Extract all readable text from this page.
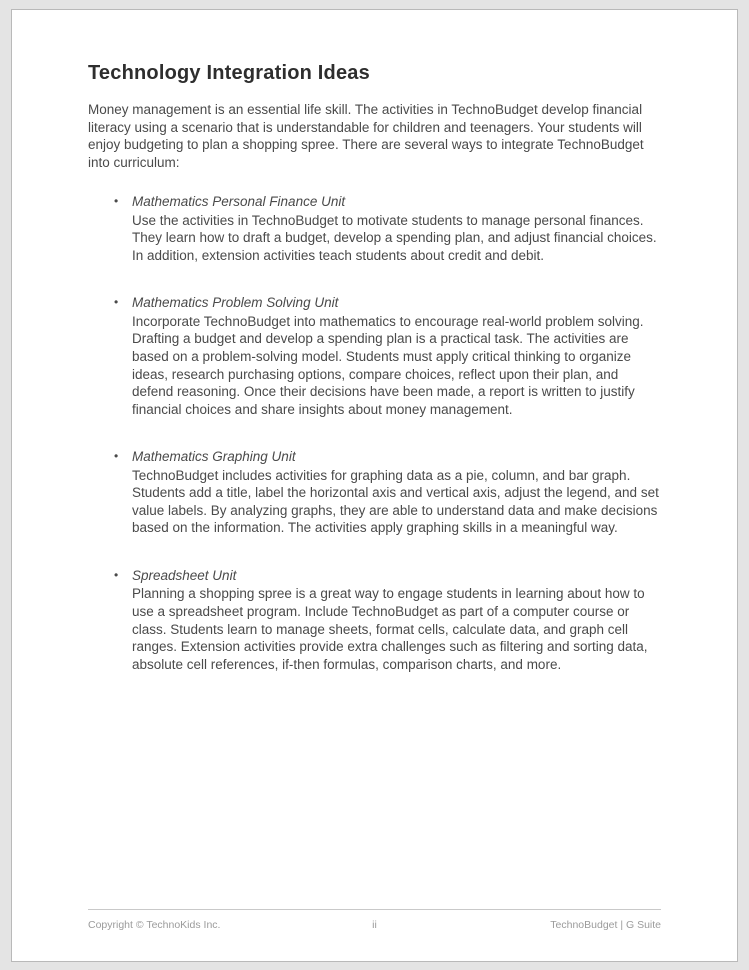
Technology Integration Ideas

Money management is an essential life skill. The activities in TechnoBudget develop financial literacy using a scenario that is understandable for children and teenagers. Your students will enjoy budgeting to plan a shopping spree. There are several ways to integrate TechnoBudget into curriculum:

• Mathematics Personal Finance Unit
Use the activities in TechnoBudget to motivate students to manage personal finances. They learn how to draft a budget, develop a spending plan, and adjust financial choices. In addition, extension activities teach students about credit and debit.
• Mathematics Problem Solving Unit
Incorporate TechnoBudget into mathematics to encourage real-world problem solving. Drafting a budget and develop a spending plan is a practical task. The activities are based on a problem-solving model. Students must apply critical thinking to organize ideas, research purchasing options, compare choices, reflect upon their plan, and defend reasoning. Once their decisions have been made, a report is written to justify financial choices and share insights about money management.
• Mathematics Graphing Unit
TechnoBudget includes activities for graphing data as a pie, column, and bar graph. Students add a title, label the horizontal axis and vertical axis, adjust the legend, and set value labels. By analyzing graphs, they are able to understand data and make decisions based on the information. The activities apply graphing skills in a meaningful way.
• Spreadsheet Unit
Planning a shopping spree is a great way to engage students in learning about how to use a spreadsheet program. Include TechnoBudget as part of a computer course or class. Students learn to manage sheets, format cells, calculate data, and graph cell ranges. Extension activities provide extra challenges such as filtering and sorting data, absolute cell references, if-then formulas, comparison charts, and more.
Copyright © TechnoKids Inc.	ii	TechnoBudget | G Suite
